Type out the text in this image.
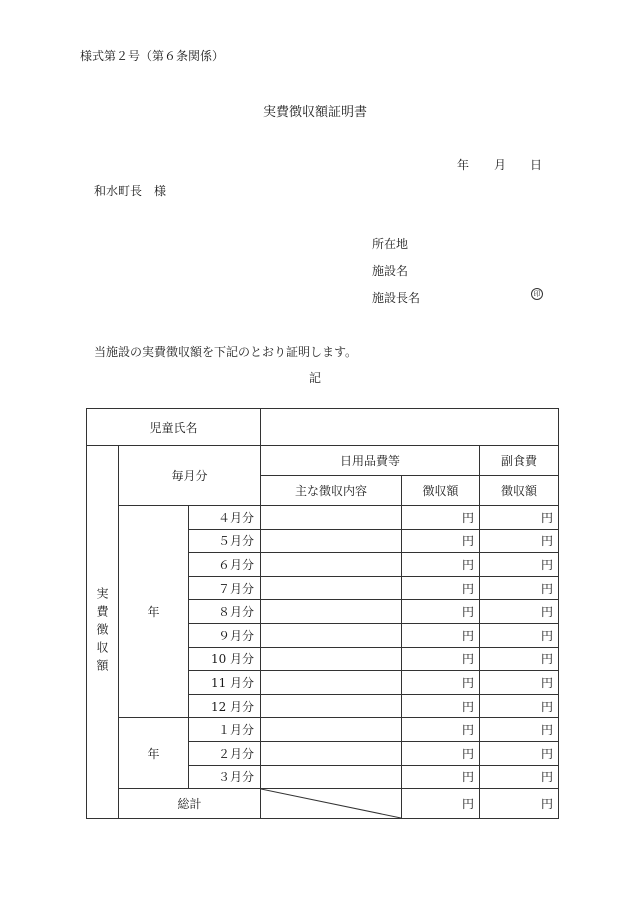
様式第２号（第６条関係）
実費徴収額証明書
年 月 日
和水町長　様
所在地
施設名
施設長名	印
当施設の実費徴収額を下記のとおり証明します。
記
児童氏名					

実費徴収額	毎月分		日用品費等		副食費
			主な徴収内容	徴収額	徴収額
	年	４月分		円	円
		５月分		円	円
		６月分		円	円
		７月分		円	円
		８月分		円	円
		９月分		円	円
		10 月分		円	円
		11 月分		円	円
		12 月分		円	円
	年	１月分		円	円
		２月分		円	円
		３月分		円	円
	総計			円	円
